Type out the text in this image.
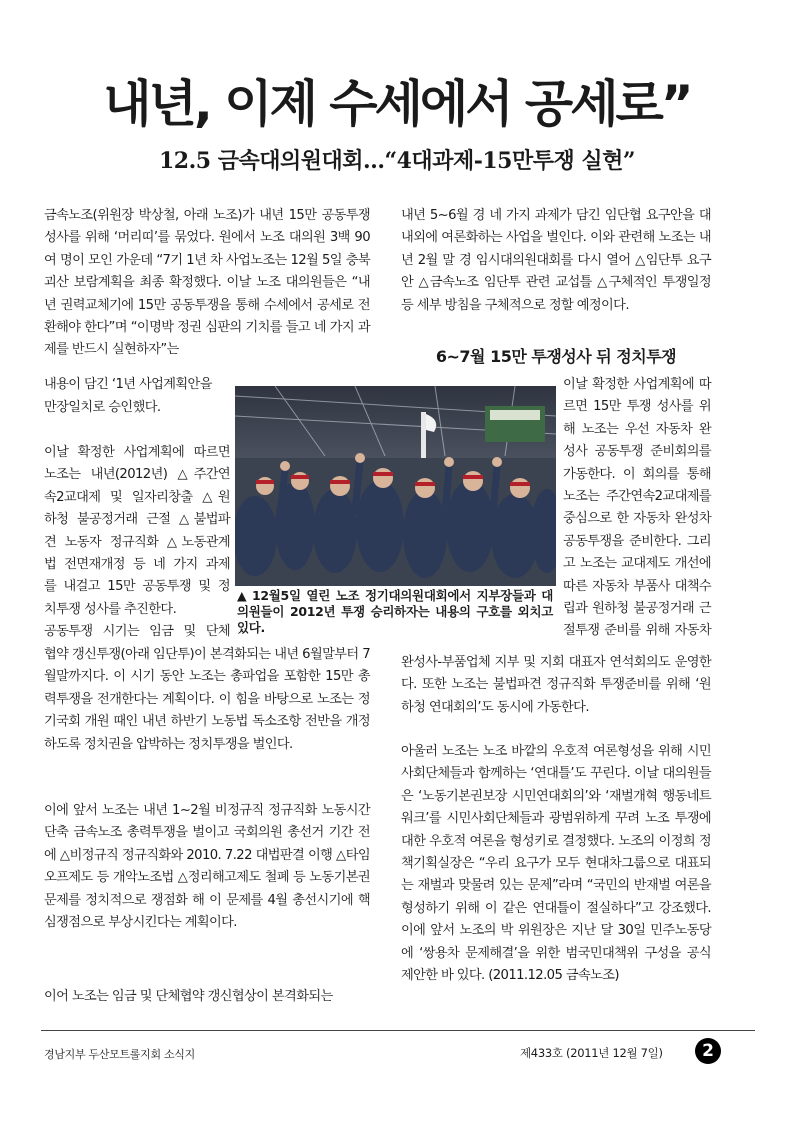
내년, 이제 수세에서 공세로”
12.5 금속대의원대회…“4대과제-15만투쟁 실현”

금속노조(위원장 박상철, 아래 노조)가 내년 15만 공동투쟁 성사를 위해 ‘머리띠’를 묶었다. 원에서 노조 대의원 3백 90여 명이 모인 가운데 “7기 1년 차 사업노조는 12월 5일 충북 괴산 보람계획을 최종 확정했다. 이날 노조 대의원들은 “내년 권력교체기에 15만 공동투쟁을 통해 수세에서 공세로 전환해야 한다”며 “이명박 정권 심판의 기치를 들고 네 가지 과제를 반드시 실현하자”는

내용이 담긴 ‘1년 사업계획안을

만장일치로 승인했다.

이날 확정한 사업계획에 따르면

노조는 내년(2012년) △주간연

속2교대제 및 일자리창출 △원

하청 불공정거래 근절 △불법파

견 노동자 정규직화 △노동관계

법 전면재개정 등 네 가지 과제

를 내걸고 15만 공동투쟁 및 정

치투쟁 성사를 추진한다.

공동투쟁 시기는 임금 및 단체

협약 갱신투쟁(아래 임단투)이 본격화되는 내년 6월말부터 7월말까지다. 이 시기 동안 노조는 총파업을 포함한 15만 총력투쟁을 전개한다는 계획이다. 이 힘을 바탕으로 노조는 정기국회 개원 때인 내년 하반기 노동법 독소조항 전반을 개정하도록 정치권을 압박하는 정치투쟁을 벌인다.

이에 앞서 노조는 내년 1~2월 비정규직 정규직화 노동시간 단축 금속노조 총력투쟁을 벌이고 국회의원 총선거 기간 전에 △비정규직 정규직화와 2010. 7.22 대법판결 이행 △타임오프제도 등 개악노조법 △정리해고제도 철폐 등 노동기본권 문제를 정치적으로 쟁점화 해 이 문제를 4월 총선시기에 핵심쟁점으로 부상시킨다는 계획이다.

이어 노조는 임금 및 단체협약 갱신협상이 본격화되는

내년 5~6월 경 네 가지 과제가 담긴 임단협 요구안을 대내외에 여론화하는 사업을 벌인다. 이와 관련해 노조는 내년 2월 말 경 임시대의원대회를 다시 열어 △임단투 요구안 △금속노조 임단투 관련 교섭틀 △구체적인 투쟁일정 등 세부 방침을 구체적으로 정할 예정이다.

6~7월 15만 투쟁성사 뒤 정치투쟁

이날 확정한 사업계획에 따

르면 15만 투쟁 성사를 위

해 노조는 우선 자동차 완

성사 공동투쟁 준비회의를

가동한다. 이 회의를 통해

노조는 주간연속2교대제를

중심으로 한 자동차 완성차

공동투쟁을 준비한다. 그리

고 노조는 교대제도 개선에

따른 자동차 부품사 대책수

립과 원하청 불공정거래 근

절투쟁 준비를 위해 자동차

완성사-부품업체 지부 및 지회 대표자 연석회의도 운영한다. 또한 노조는 불법파견 정규직화 투쟁준비를 위해 ‘원하청 연대회의’도 동시에 가동한다.

아울러 노조는 노조 바깥의 우호적 여론형성을 위해 시민사회단체들과 함께하는 ‘연대틀’도 꾸린다. 이날 대의원들은 ‘노동기본권보장 시민연대회의’와 ‘재벌개혁 행동네트워크’를 시민사회단체들과 광범위하게 꾸려 노조 투쟁에 대한 우호적 여론을 형성키로 결정했다. 노조의 이정희 정책기획실장은 “우리 요구가 모두 현대차그룹으로 대표되는 재벌과 맞물려 있는 문제”라며 “국민의 반재벌 여론을 형성하기 위해 이 같은 연대틀이 절실하다”고 강조했다. 이에 앞서 노조의 박 위원장은 지난 달 30일 민주노동당에 ‘쌍용차 문제해결’을 위한 범국민대책위 구성을 공식 제안한 바 있다. (2011.12.05 금속노조)

▲ 12월5일 열린 노조 정기대의원대회에서 지부장들과 대의원들이 2012년 투쟁 승리하자는 내용의 구호를 외치고 있다.

경남지부 두산모트롤지회 소식지	제433호 (2011년 12월 7일)	2
